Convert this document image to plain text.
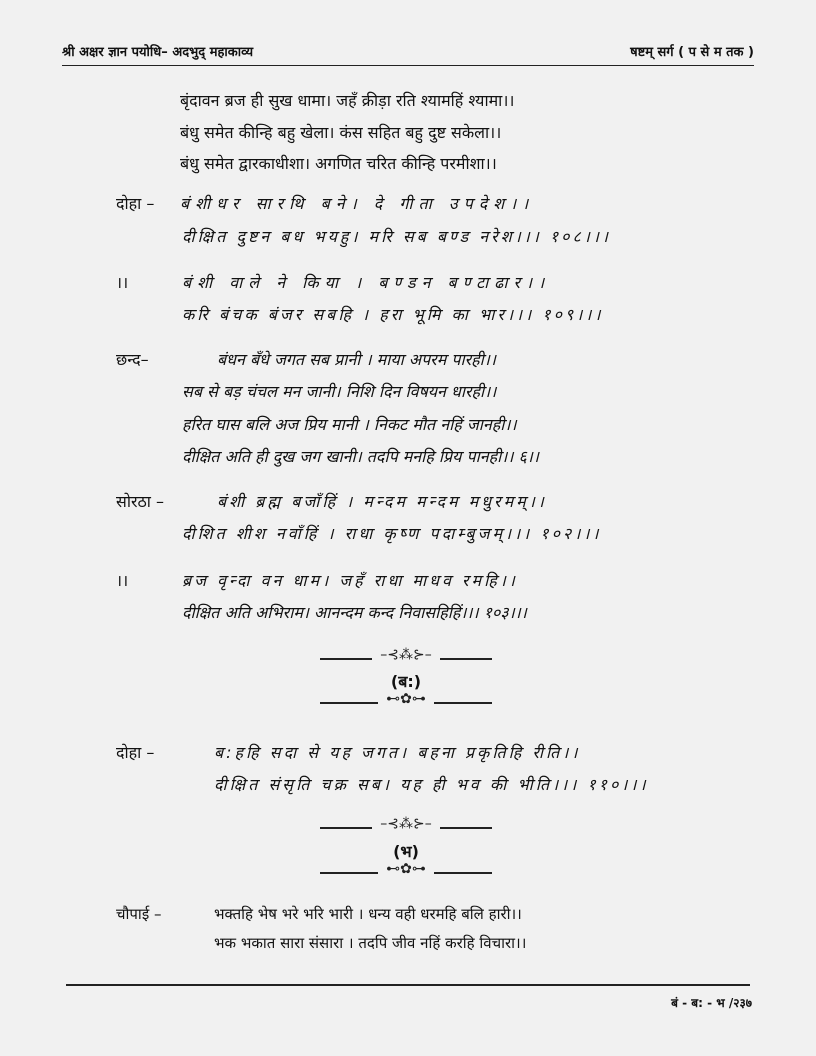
श्री अक्षर ज्ञान पयोधि– अदभुद् महाकाव्य	षष्टम् सर्ग ( प से म तक )
बृंदावन ब्रज ही सुख धामा। जहँ क्रीड़ा रति श्यामहिं श्यामा।।
बंधु समेत कीन्हि बहु खेला। कंस सहित बहु दुष्ट सकेला।।
बंधु समेत द्वारकाधीशा। अगणित चरित कीन्हि परमीशा।।
दोहा – बंशीधर सारथि बने। दे गीता उपदेश।।
दीक्षित दुष्टन बध भयहु। मरि सब बण्ड नरेश।।। १०८।।।
।।	बंशी वाले ने किया । बण्डन बण्टाढार।।
करि बंचक बंजर सबहि । हरा भूमि का भार।।। १०९।।।
छन्द–	बंधन बँधे जगत सब प्रानी । माया अपरम पारही।।
सब से बड़ चंचल मन जानी। निशि दिन विषयन धारही।।
हरित घास बलि अज प्रिय मानी । निकट मौत नहिं जानही।।
दीक्षित अति ही दुख जग खानी। तदपि मनहि प्रिय पानही।। ६।।
सोरठा –	बंशी ब्रह्म बजाँहिं । मन्दम मन्दम मधुरमम्।।
दीशित शीश नवाँहिं । राधा कृष्ण पदाम्बुजम्।।। १०२।।।
।।	ब्रज वृन्दा वन धाम। जहँ राधा माधव रमहि।।
दीक्षित अति अभिराम। आनन्दम कन्द निवासहिहिं।।। १०३।।।
–⊰⁂⊱–
(ब:)
⊷✿⊶
दोहा –	ब:हहि सदा से यह जगत। बहना प्रकृतिहि रीति।।
दीक्षित संसृति चक्र सब। यह ही भव की भीति।।। ११०।।।
–⊰⁂⊱–
(भ)
⊷✿⊶
चौपाई –	भक्तहि भेष भरे भरि भारी । धन्य वही धरमहि बलि हारी।।
भक भकात सारा संसारा । तदपि जीव नहिं करहि विचारा।।
बं - ब: - भ /२३७
